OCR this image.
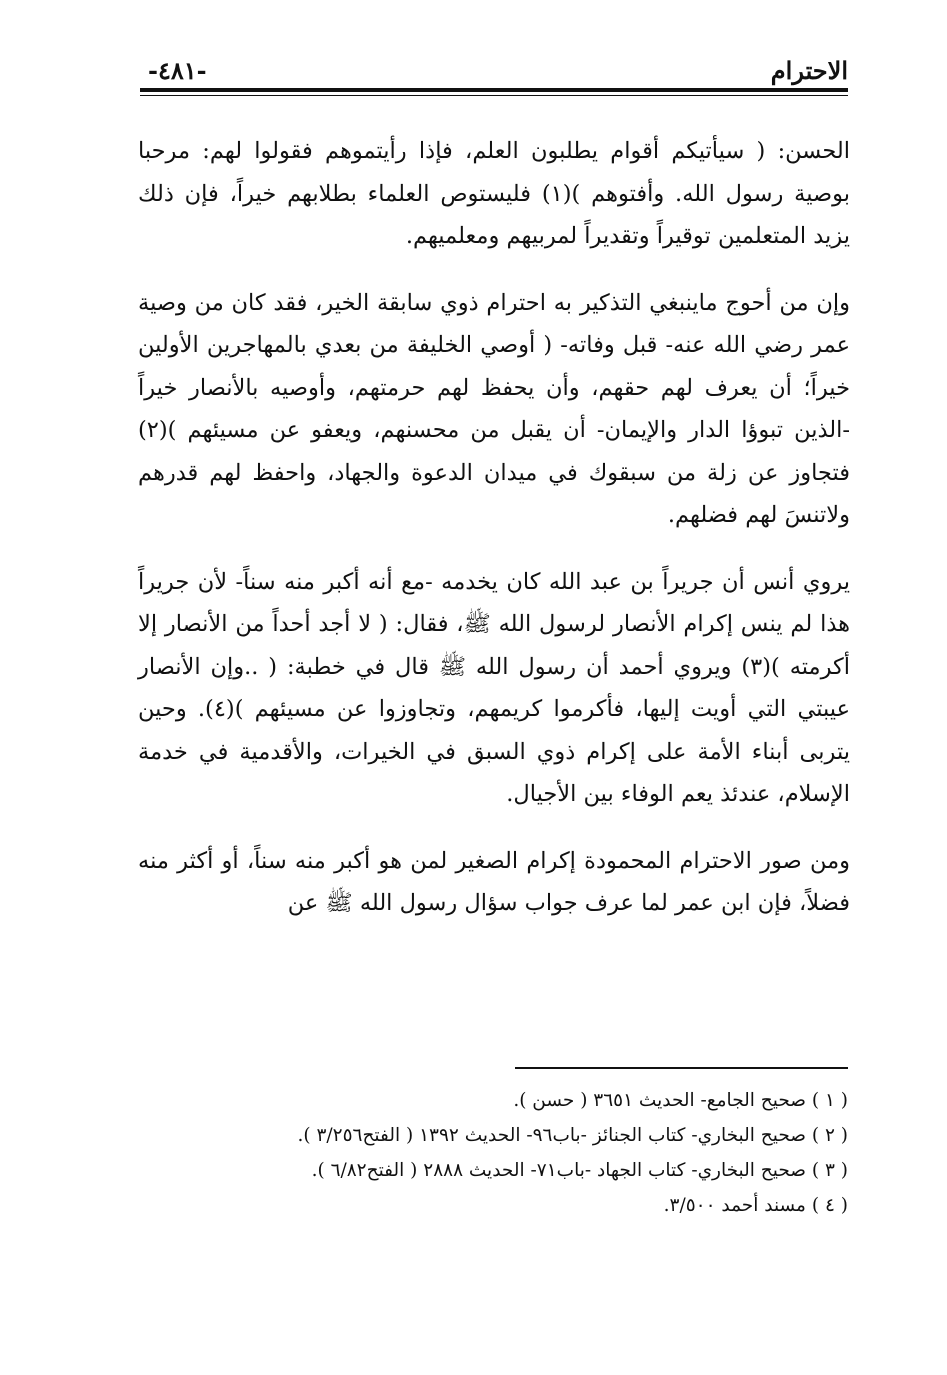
الاحترام
-٤٨١-

الحسن: ( سيأتيكم أقوام يطلبون العلم، فإذا رأيتموهم فقولوا لهم: مرحبا بوصية رسول الله. وأفتوهم )(١) فليستوص العلماء بطلابهم خيراً، فإن ذلك يزيد المتعلمين توقيراً وتقديراً لمربيهم ومعلميهم.

وإن من أحوج ماينبغي التذكير به احترام ذوي سابقة الخير، فقد كان من وصية عمر رضي الله عنه- قبل وفاته- ( أوصي الخليفة من بعدي بالمهاجرين الأولين خيراً؛ أن يعرف لهم حقهم، وأن يحفظ لهم حرمتهم، وأوصيه بالأنصار خيراً -الذين تبوؤا الدار والإيمان- أن يقبل من محسنهم، ويعفو عن مسيئهم )(٢) فتجاوز عن زلة من سبقوك في ميدان الدعوة والجهاد، واحفظ لهم قدرهم ولاتنسَ لهم فضلهم.

يروي أنس أن جريراً بن عبد الله كان يخدمه -مع أنه أكبر منه سناً- لأن جريراً هذا لم ينس إكرام الأنصار لرسول الله ﷺ، فقال: ( لا أجد أحداً من الأنصار إلا أكرمته )(٣) ويروي أحمد أن رسول الله ﷺ قال في خطبة: ( ..وإن الأنصار عيبتي التي أويت إليها، فأكرموا كريمهم، وتجاوزوا عن مسيئهم )(٤). وحين يتربى أبناء الأمة على إكرام ذوي السبق في الخيرات، والأقدمية في خدمة الإسلام، عندئذ يعم الوفاء بين الأجيال.

ومن صور الاحترام المحمودة إكرام الصغير لمن هو أكبر منه سناً، أو أكثر منه فضلاً، فإن ابن عمر لما عرف جواب سؤال رسول الله ﷺ عن

( ١ ) صحيح الجامع- الحديث ٣٦٥١ ( حسن ).

( ٢ ) صحيح البخاري- كتاب الجنائز -باب٩٦- الحديث ١٣٩٢ ( الفتح٣/٢٥٦ ).

( ٣ ) صحيح البخاري- كتاب الجهاد -باب٧١- الحديث ٢٨٨٨ ( الفتح٦/٨٢ ).

( ٤ ) مسند أحمد ٣/٥٠٠.
